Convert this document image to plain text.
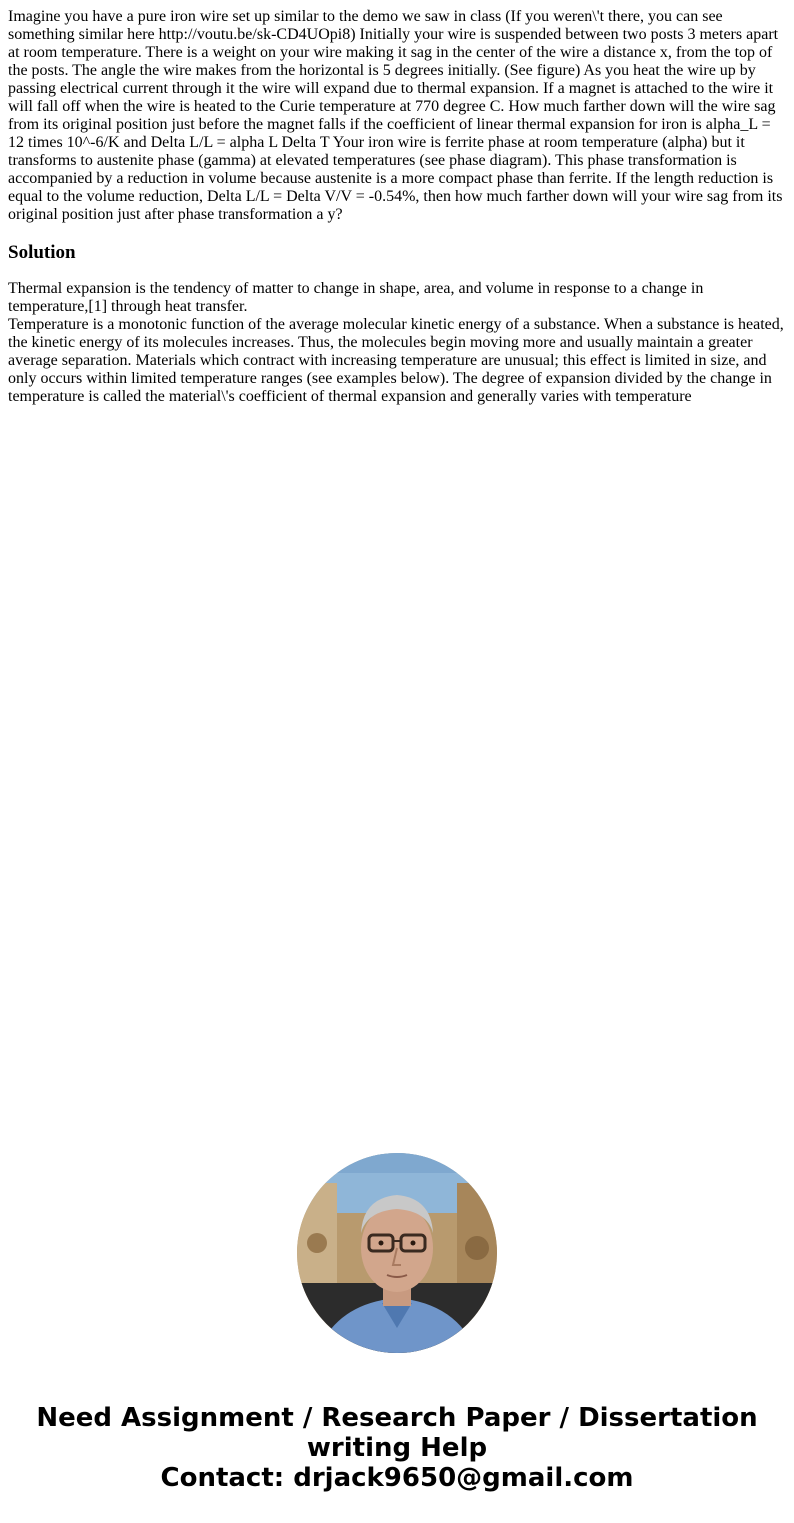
Imagine you have a pure iron wire set up similar to the demo we saw in class (If you weren\'t there, you can see something similar here http://voutu.be/sk-CD4UOpi8) Initially your wire is suspended between two posts 3 meters apart at room temperature. There is a weight on your wire making it sag in the center of the wire a distance x, from the top of the posts. The angle the wire makes from the horizontal is 5 degrees initially. (See figure) As you heat the wire up by passing electrical current through it the wire will expand due to thermal expansion. If a magnet is attached to the wire it will fall off when the wire is heated to the Curie temperature at 770 degree C. How much farther down will the wire sag from its original position just before the magnet falls if the coefficient of linear thermal expansion for iron is alpha_L = 12 times 10^-6/K and Delta L/L = alpha L Delta T Your iron wire is ferrite phase at room temperature (alpha) but it transforms to austenite phase (gamma) at elevated temperatures (see phase diagram). This phase transformation is accompanied by a reduction in volume because austenite is a more compact phase than ferrite. If the length reduction is equal to the volume reduction, Delta L/L = Delta V/V = -0.54%, then how much farther down will your wire sag from its original position just after phase transformation a y?

Solution

Thermal expansion is the tendency of matter to change in shape, area, and volume in response to a change in temperature,[1] through heat transfer.

Temperature is a monotonic function of the average molecular kinetic energy of a substance. When a substance is heated, the kinetic energy of its molecules increases. Thus, the molecules begin moving more and usually maintain a greater average separation. Materials which contract with increasing temperature are unusual; this effect is limited in size, and only occurs within limited temperature ranges (see examples below). The degree of expansion divided by the change in temperature is called the material\'s coefficient of thermal expansion and generally varies with temperature

Need Assignment / Research Paper / Dissertation
writing Help
Contact: drjack9650@gmail.com
